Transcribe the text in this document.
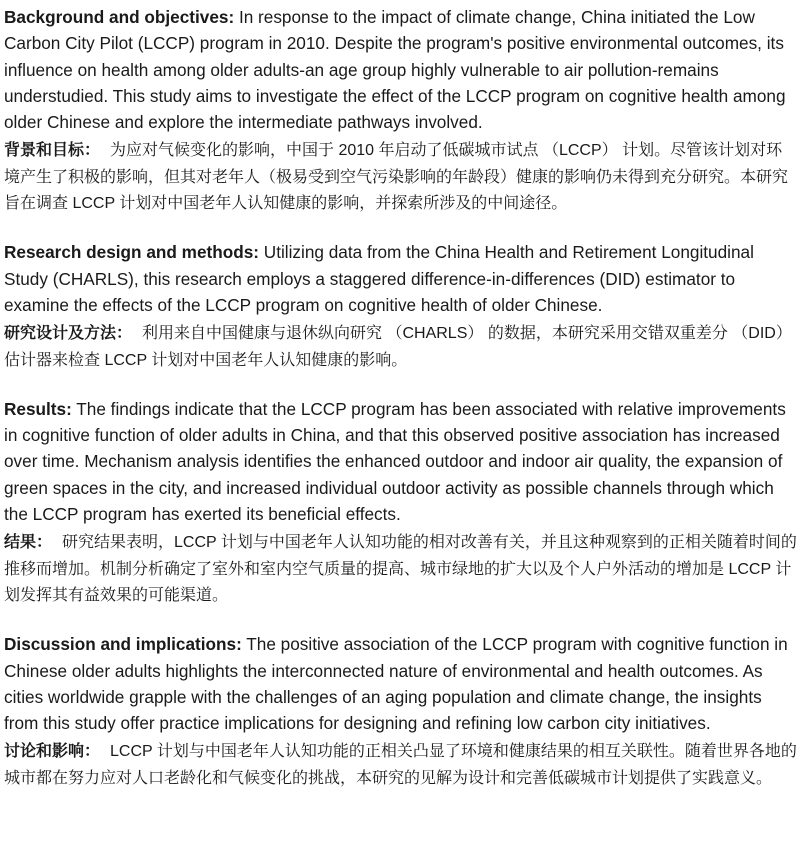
Background and objectives: In response to the impact of climate change, China initiated the Low Carbon City Pilot (LCCP) program in 2010. Despite the program's positive environmental outcomes, its influence on health among older adults-an age group highly vulnerable to air pollution-remains understudied. This study aims to investigate the effect of the LCCP program on cognitive health among older Chinese and explore the intermediate pathways involved.

背景和目标： 为应对气候变化的影响，中国于 2010 年启动了低碳城市试点 （LCCP） 计划。尽管该计划对环境产生了积极的影响，但其对老年人（极易受到空气污染影响的年龄段）健康的影响仍未得到充分研究。本研究旨在调查 LCCP 计划对中国老年人认知健康的影响，并探索所涉及的中间途径。

Research design and methods: Utilizing data from the China Health and Retirement Longitudinal Study (CHARLS), this research employs a staggered difference-in-differences (DID) estimator to examine the effects of the LCCP program on cognitive health of older Chinese.

研究设计及方法： 利用来自中国健康与退休纵向研究 （CHARLS） 的数据，本研究采用交错双重差分 （DID） 估计器来检查 LCCP 计划对中国老年人认知健康的影响。

Results: The findings indicate that the LCCP program has been associated with relative improvements in cognitive function of older adults in China, and that this observed positive association has increased over time. Mechanism analysis identifies the enhanced outdoor and indoor air quality, the expansion of green spaces in the city, and increased individual outdoor activity as possible channels through which the LCCP program has exerted its beneficial effects.

结果： 研究结果表明，LCCP 计划与中国老年人认知功能的相对改善有关，并且这种观察到的正相关随着时间的推移而增加。机制分析确定了室外和室内空气质量的提高、城市绿地的扩大以及个人户外活动的增加是 LCCP 计划发挥其有益效果的可能渠道。

Discussion and implications: The positive association of the LCCP program with cognitive function in Chinese older adults highlights the interconnected nature of environmental and health outcomes. As cities worldwide grapple with the challenges of an aging population and climate change, the insights from this study offer practice implications for designing and refining low carbon city initiatives.

讨论和影响： LCCP 计划与中国老年人认知功能的正相关凸显了环境和健康结果的相互关联性。随着世界各地的城市都在努力应对人口老龄化和气候变化的挑战，本研究的见解为设计和完善低碳城市计划提供了实践意义。
